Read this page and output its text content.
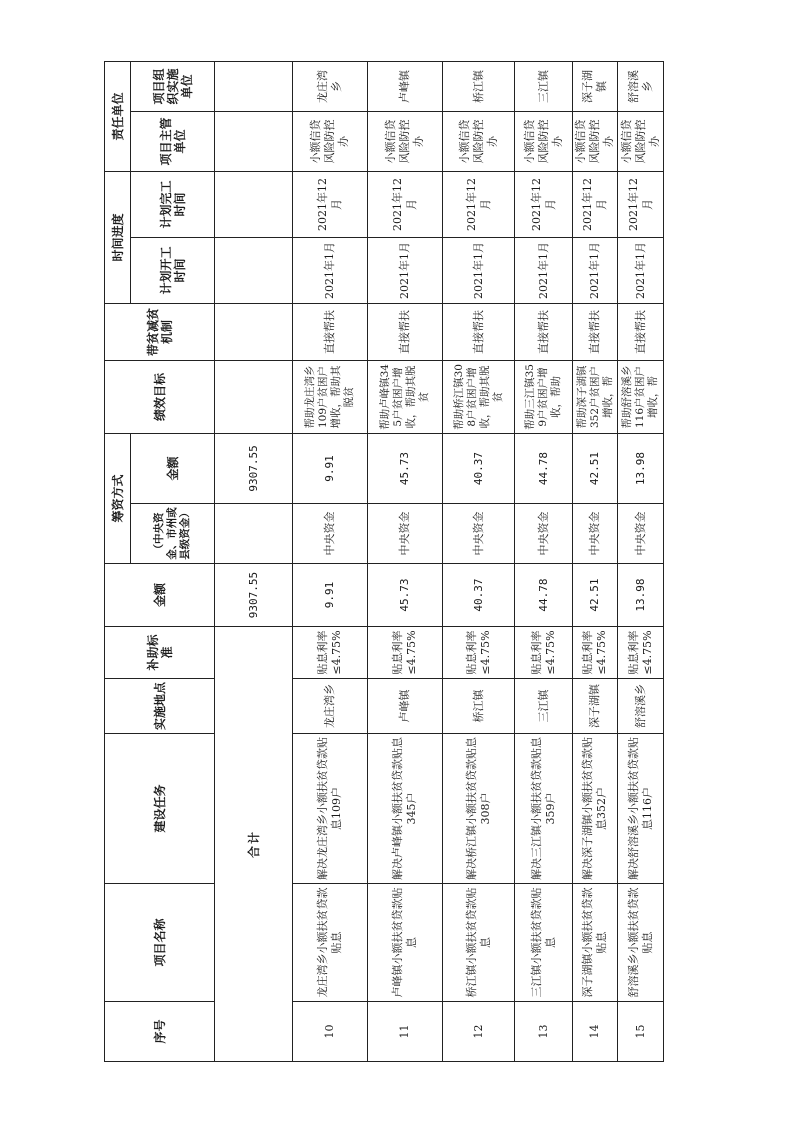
序号	项目名称	建设任务	实施地点	补助标准	金额	筹资方式		绩效目标	带贫减贫机制	时间进度		责任单位	
						（中央资金、市州或县级资金）	金额			计划开工时间	计划完工时间	项目主管单位	项目组织实施单位
合计					9307.55		9307.55						
10	龙庄湾乡小额扶贫贷款贴息	解决龙庄湾乡小额扶贫贷款贴息109户	龙庄湾乡	贴息利率≤4.75%	9.91	中央资金	9.91	帮助龙庄湾乡109户贫困户增收，帮助其脱贫	直接帮扶	2021年1月	2021年12月	小额信贷风险防控办	龙庄湾乡
11	卢峰镇小额扶贫贷款贴息	解决卢峰镇小额扶贫贷款贴息345户	卢峰镇	贴息利率≤4.75%	45.73	中央资金	45.73	帮助卢峰镇345户贫困户增收，帮助其脱贫	直接帮扶	2021年1月	2021年12月	小额信贷风险防控办	卢峰镇
12	桥江镇小额扶贫贷款贴息	解决桥江镇小额扶贫贷款贴息308户	桥江镇	贴息利率≤4.75%	40.37	中央资金	40.37	帮助桥江镇308户贫困户增收，帮助其脱贫	直接帮扶	2021年1月	2021年12月	小额信贷风险防控办	桥江镇
13	三江镇小额扶贫贷款贴息	解决三江镇小额扶贫贷款贴息359户	三江镇	贴息利率≤4.75%	44.78	中央资金	44.78	帮助三江镇359户贫困户增收，帮助	直接帮扶	2021年1月	2021年12月	小额信贷风险防控办	三江镇
14	深子湖镇小额扶贫贷款贴息	解决深子湖镇小额扶贫贷款贴息352户	深子湖镇	贴息利率≤4.75%	42.51	中央资金	42.51	帮助深子湖镇352户贫困户增收，帮	直接帮扶	2021年1月	2021年12月	小额信贷风险防控办	深子湖镇
15	舒溶溪乡小额扶贫贷款贴息	解决舒溶溪乡小额扶贫贷款贴息116户	舒溶溪乡	贴息利率≤4.75%	13.98	中央资金	13.98	帮助舒溶溪乡116户贫困户增收，帮	直接帮扶	2021年1月	2021年12月	小额信贷风险防控办	舒溶溪乡
